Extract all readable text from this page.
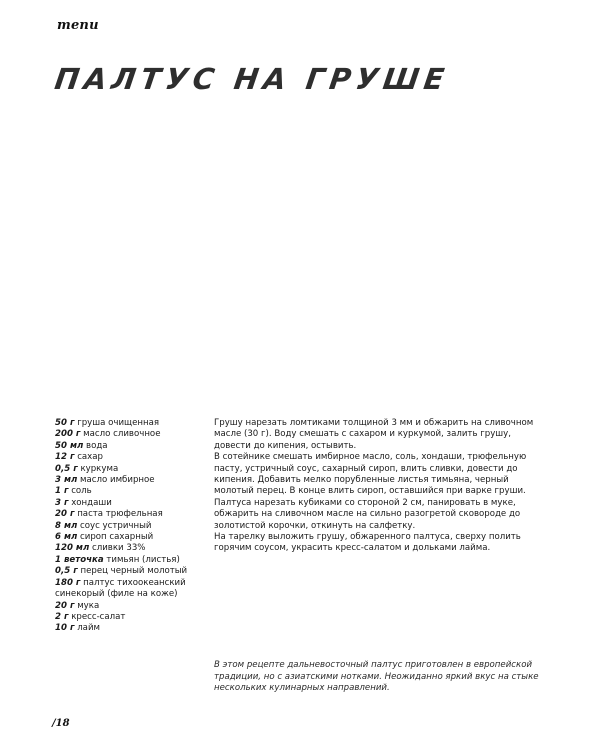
menu
ПАЛТУС НА ГРУШЕ
50 г груша очищенная
200 г масло сливочное
50 мл вода
12 г сахар
0,5 г куркума
3 мл масло имбирное
1 г соль
3 г хондаши
20 г паста трюфельная
8 мл соус устричный
6 мл сироп сахарный
120 мл сливки 33%
1 веточка тимьян (листья)
0,5 г перец черный молотый
180 г палтус тихоокеанский синекорый (филе на коже)
20 г мука
2 г кресс-салат
10 г лайм

Грушу нарезать ломтиками толщиной 3 мм и обжарить на сливочном масле (30 г). Воду смешать с сахаром и куркумой, залить грушу, довести до кипения, остывить.

В сотейнике смешать имбирное масло, соль, хондаши, трюфельную пасту, устричный соус, сахарный сироп, влить сливки, довести до кипения. Добавить мелко порубленные листья тимьяна, черный молотый перец. В конце влить сироп, оставшийся при варке груши.

Палтуса нарезать кубиками со стороной 2 см, панировать в муке, обжарить на сливочном масле на сильно разогретой сковороде до золотистой корочки, откинуть на салфетку.

На тарелку выложить грушу, обжаренного палтуса, сверху полить горячим соусом, украсить кресс-салатом и дольками лайма.

В этом рецепте дальневосточный палтус приготовлен в европейской традиции, но с азиатскими нотками. Неожиданно яркий вкус на стыке нескольких кулинарных направлений.

/18
